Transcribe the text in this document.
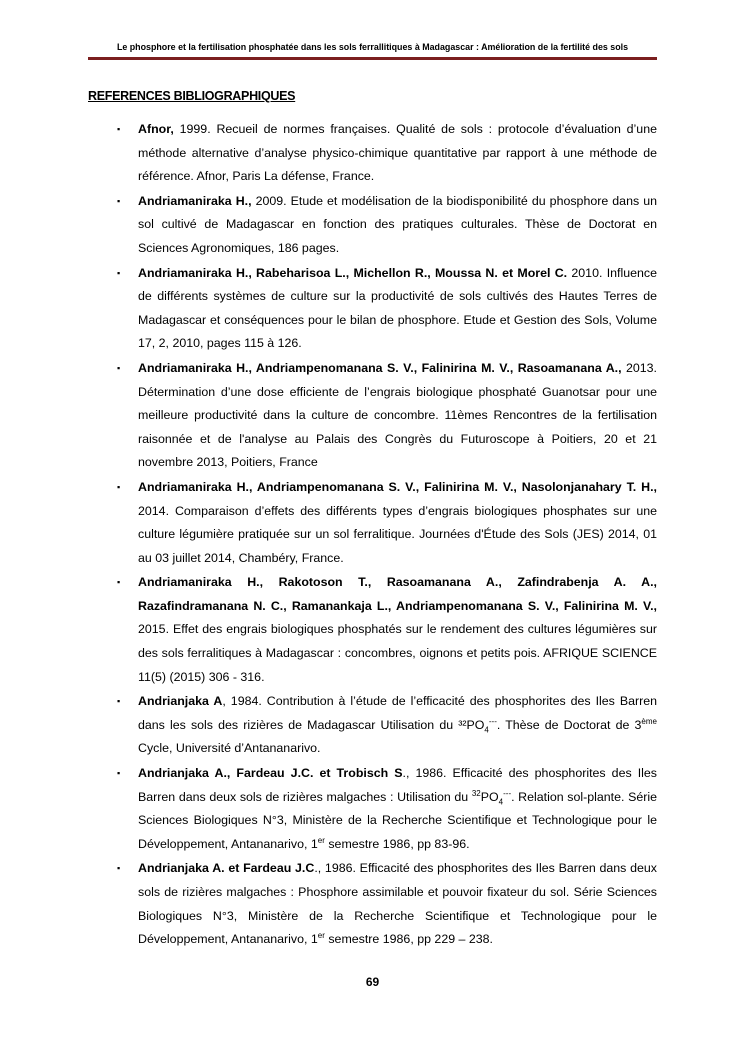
Le phosphore et la fertilisation phosphatée dans les sols ferrallitiques à Madagascar : Amélioration de la fertilité des sols
REFERENCES BIBLIOGRAPHIQUES
▪ Afnor, 1999. Recueil de normes françaises. Qualité de sols : protocole d’évaluation d’une méthode alternative d’analyse physico-chimique quantitative par rapport à une méthode de référence. Afnor, Paris La défense, France.
▪ Andriamaniraka H., 2009. Etude et modélisation de la biodisponibilité du phosphore dans un sol cultivé de Madagascar en fonction des pratiques culturales. Thèse de Doctorat en Sciences Agronomiques, 186 pages.
▪ Andriamaniraka H., Rabeharisoa L., Michellon R., Moussa N. et Morel C. 2010. Influence de différents systèmes de culture sur la productivité de sols cultivés des Hautes Terres de Madagascar et conséquences pour le bilan de phosphore. Etude et Gestion des Sols, Volume 17, 2, 2010, pages 115 à 126.
▪ Andriamaniraka H., Andriampenomanana S. V., Falinirina M. V., Rasoamanana A., 2013. Détermination d’une dose efficiente de l’engrais biologique phosphaté Guanotsar pour une meilleure productivité dans la culture de concombre. 11èmes Rencontres de la fertilisation raisonnée et de l'analyse au Palais des Congrès du Futuroscope à Poitiers, 20 et 21 novembre 2013, Poitiers, France
▪ Andriamaniraka H., Andriampenomanana S. V., Falinirina M. V., Nasolonjanahary T. H., 2014. Comparaison d’effets des différents types d’engrais biologiques phosphates sur une culture légumière pratiquée sur un sol ferralitique. Journées d'Étude des Sols (JES) 2014, 01 au 03 juillet 2014, Chambéry, France.
▪ Andriamaniraka H., Rakotoson T., Rasoamanana A., Zafindrabenja A. A., Razafindramanana N. C., Ramanankaja L., Andriampenomanana S. V., Falinirina M. V., 2015. Effet des engrais biologiques phosphatés sur le rendement des cultures légumières sur des sols ferralitiques à Madagascar : concombres, oignons et petits pois. AFRIQUE SCIENCE 11(5) (2015) 306 - 316.
▪ Andrianjaka A, 1984. Contribution à l’étude de l’efficacité des phosphorites des Iles Barren dans les sols des rizières de Madagascar Utilisation du $^{32}PO_4^{---}$. Thèse de Doctorat de 3ème Cycle, Université d’Antananarivo.
▪ Andrianjaka A., Fardeau J.C. et Trobisch S., 1986. Efficacité des phosphorites des Iles Barren dans deux sols de rizières malgaches : Utilisation du $^{32}PO_4^{---}$. Relation sol-plante. Série Sciences Biologiques N°3, Ministère de la Recherche Scientifique et Technologique pour le Développement, Antananarivo, 1er semestre 1986, pp 83-96.
▪ Andrianjaka A. et Fardeau J.C., 1986. Efficacité des phosphorites des Iles Barren dans deux sols de rizières malgaches : Phosphore assimilable et pouvoir fixateur du sol. Série Sciences Biologiques N°3, Ministère de la Recherche Scientifique et Technologique pour le Développement, Antananarivo, 1er semestre 1986, pp 229 – 238.
69
